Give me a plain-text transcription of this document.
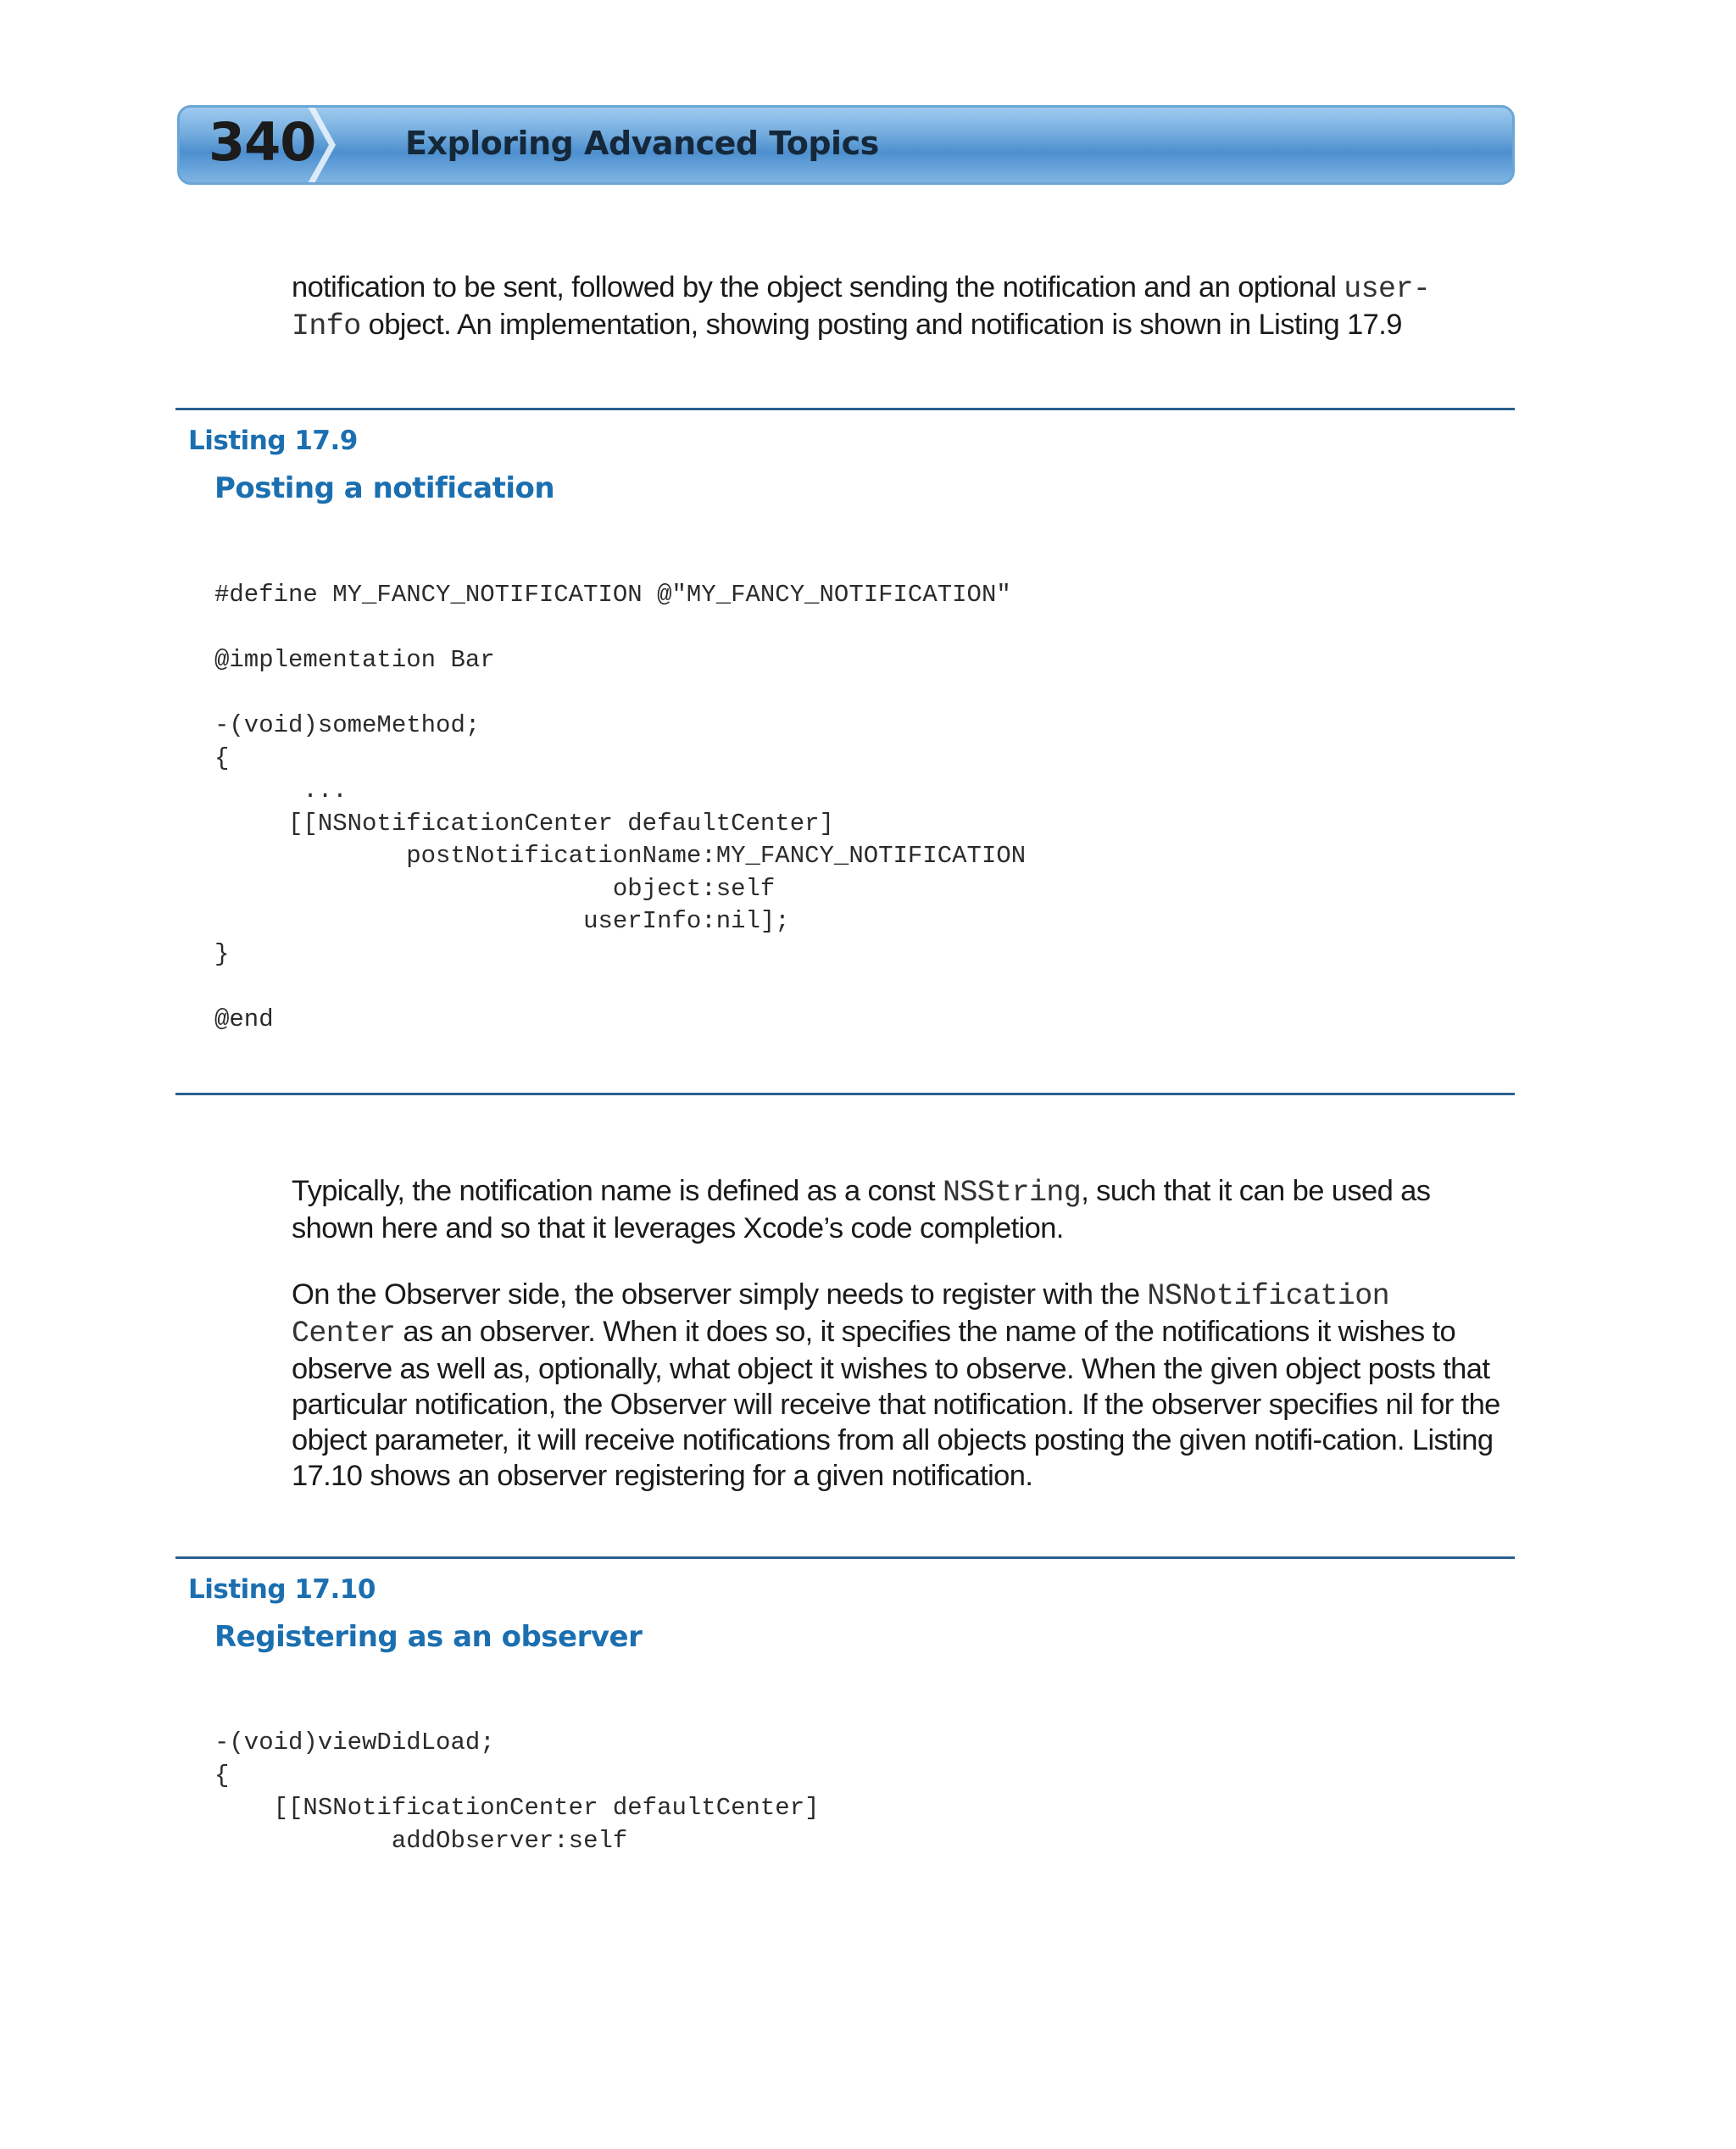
340	Exploring Advanced Topics

notification to be sent, followed by the object sending the notification and an optional user-
Info object. An implementation, showing posting and notification is shown in Listing 17.9

Listing 17.9
Posting a notification
#define MY_FANCY_NOTIFICATION @"MY_FANCY_NOTIFICATION"

@implementation Bar

-(void)someMethod;
{
...
[[NSNotificationCenter defaultCenter]
postNotificationName:MY_FANCY_NOTIFICATION
object:self
userInfo:nil];
}

@end

Typically, the notification name is defined as a const NSString, such that it can be used as shown here and so that it leverages Xcode’s code completion.

On the Observer side, the observer simply needs to register with the NSNotification
Center as an observer. When it does so, it specifies the name of the notifications it wishes to observe as well as, optionally, what object it wishes to observe. When the given object posts that particular notification, the Observer will receive that notification. If the observer specifies nil for the object parameter, it will receive notifications from all objects posting the given notifi-cation. Listing 17.10 shows an observer registering for a given notification.

Listing 17.10
Registering as an observer
-(void)viewDidLoad;
{
[[NSNotificationCenter defaultCenter]
addObserver:self
